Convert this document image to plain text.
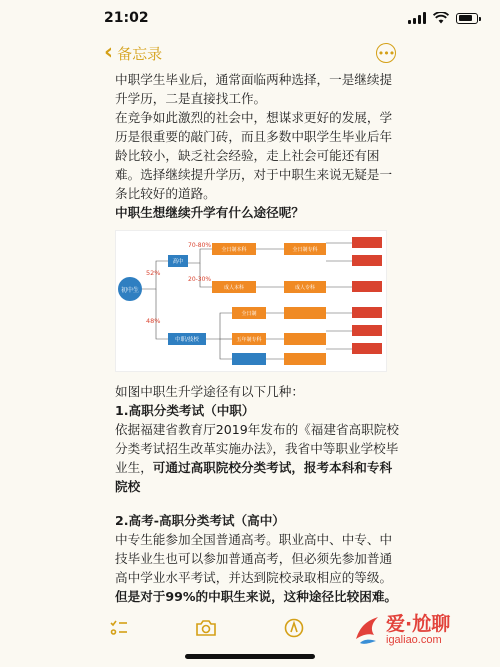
21:02
‹ 备忘录	•••

中职学生毕业后，通常面临两种选择，一是继续提升学历，二是直接找工作。

在竞争如此激烈的社会中，想谋求更好的发展，学历是很重要的敲门砖，而且多数中职学生毕业后年龄比较小，缺乏社会经验，走上社会可能还有困难。选择继续提升学历，对于中职生来说无疑是一条比较好的道路。

中职生想继续升学有什么途径呢？

初中生
52%
48%
70-80%
20-30%
高中
中职/技校
全日制本科
成人本科
全日制
五年制专科
全日制专科
成人专科

如图中职生升学途径有以下几种：

1.高职分类考试（中职）

依据福建省教育厅2019年发布的《福建省高职院校分类考试招生改革实施办法》，我省中等职业学校毕业生，可通过高职院校分类考试，报考本科和专科院校

2.高考-高职分类考试（高中）

中专生能参加全国普通高考。职业高中、中专、中技毕业生也可以参加普通高考，但必须先参加普通高中学业水平考试，并达到院校录取相应的等级。但是对于99%的中职生来说，这种途径比较困难。

爱·尬聊
igaliao.com
